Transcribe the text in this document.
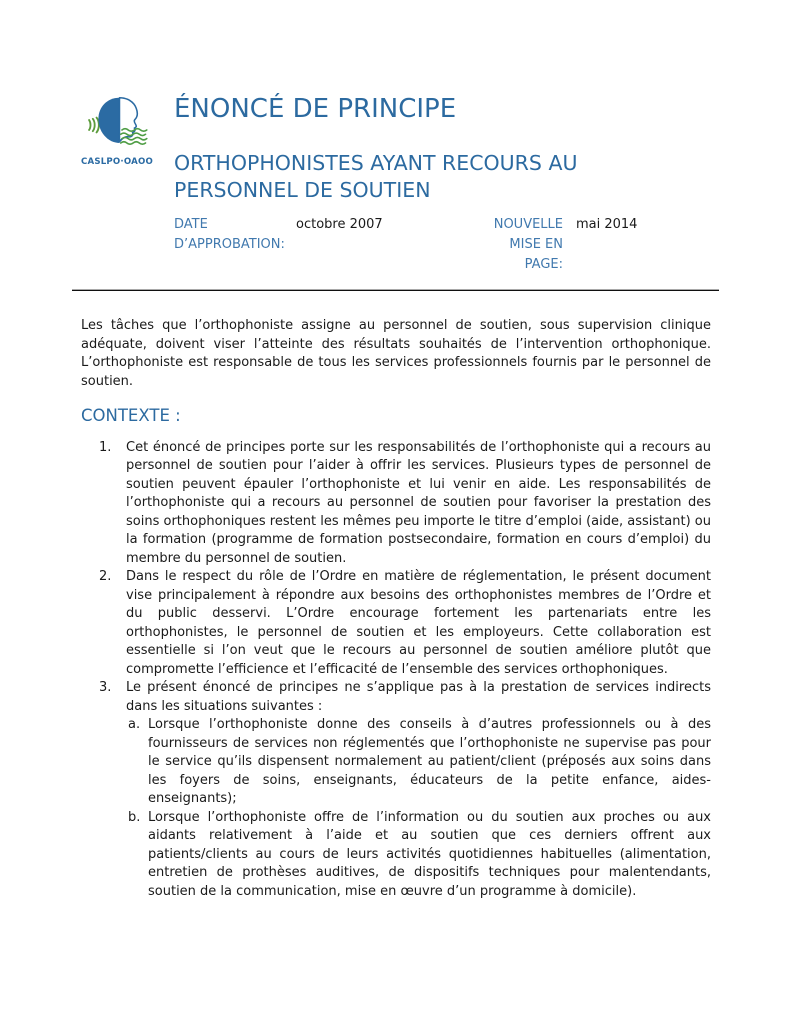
CASLPO·OAOO
ÉNONCÉ DE PRINCIPE
ORTHOPHONISTES AYANT RECOURS AU PERSONNEL DE SOUTIEN
DATE D’APPROBATION:
octobre 2007	NOUVELLE MISE EN PAGE:
mai 2014

Les tâches que l’orthophoniste assigne au personnel de soutien, sous supervision clinique adéquate, doivent viser l’atteinte des résultats souhaités de l’intervention orthophonique. L’orthophoniste est responsable de tous les services professionnels fournis par le personnel de soutien.

CONTEXTE :
1. Cet énoncé de principes porte sur les responsabilités de l’orthophoniste qui a recours au personnel de soutien pour l’aider à offrir les services. Plusieurs types de personnel de soutien peuvent épauler l’orthophoniste et lui venir en aide. Les responsabilités de l’orthophoniste qui a recours au personnel de soutien pour favoriser la prestation des soins orthophoniques restent les mêmes peu importe le titre d’emploi (aide, assistant) ou la formation (programme de formation postsecondaire, formation en cours d’emploi) du membre du personnel de soutien.
2. Dans le respect du rôle de l’Ordre en matière de réglementation, le présent document vise principalement à répondre aux besoins des orthophonistes membres de l’Ordre et du public desservi. L’Ordre encourage fortement les partenariats entre les orthophonistes, le personnel de soutien et les employeurs. Cette collaboration est essentielle si l’on veut que le recours au personnel de soutien améliore plutôt que compromette l’efficience et l’efficacité de l’ensemble des services orthophoniques.
3. Le présent énoncé de principes ne s’applique pas à la prestation de services indirects dans les situations suivantes :
a. Lorsque l’orthophoniste donne des conseils à d’autres professionnels ou à des fournisseurs de services non réglementés que l’orthophoniste ne supervise pas pour le service qu’ils dispensent normalement au patient/client (préposés aux soins dans les foyers de soins, enseignants, éducateurs de la petite enfance, aides- enseignants);
b. Lorsque l’orthophoniste offre de l’information ou du soutien aux proches ou aux aidants relativement à l’aide et au soutien que ces derniers offrent aux patients/clients au cours de leurs activités quotidiennes habituelles (alimentation, entretien de prothèses auditives, de dispositifs techniques pour malentendants, soutien de la communication, mise en œuvre d’un programme à domicile).
